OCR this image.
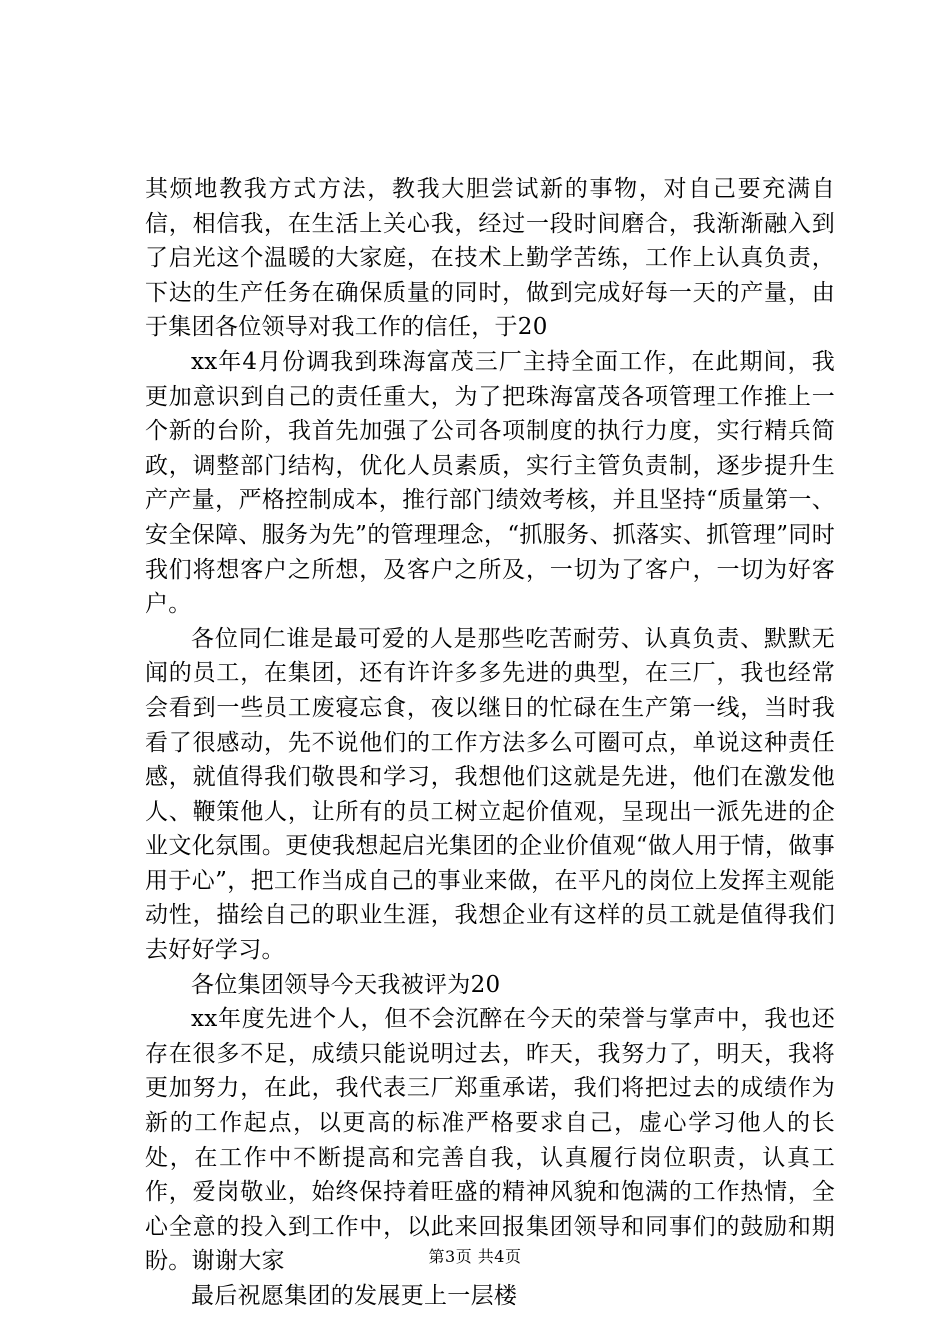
其烦地教我方式方法，教我大胆尝试新的事物，对自己要充满自信，相信我，在生活上关心我，经过一段时间磨合，我渐渐融入到了启光这个温暖的大家庭，在技术上勤学苦练，工作上认真负责，下达的生产任务在确保质量的同时，做到完成好每一天的产量，由于集团各位领导对我工作的信任，于20

xx年4月份调我到珠海富茂三厂主持全面工作，在此期间，我更加意识到自己的责任重大，为了把珠海富茂各项管理工作推上一个新的台阶，我首先加强了公司各项制度的执行力度，实行精兵简政，调整部门结构，优化人员素质，实行主管负责制，逐步提升生产产量，严格控制成本，推行部门绩效考核，并且坚持“质量第一、安全保障、服务为先”的管理理念，“抓服务、抓落实、抓管理”同时我们将想客户之所想，及客户之所及，一切为了客户，一切为好客户。

各位同仁谁是最可爱的人是那些吃苦耐劳、认真负责、默默无闻的员工，在集团，还有许许多多先进的典型，在三厂，我也经常会看到一些员工废寝忘食，夜以继日的忙碌在生产第一线，当时我看了很感动，先不说他们的工作方法多么可圈可点，单说这种责任感，就值得我们敬畏和学习，我想他们这就是先进，他们在激发他人、鞭策他人，让所有的员工树立起价值观，呈现出一派先进的企业文化氛围。更使我想起启光集团的企业价值观“做人用于情，做事用于心”，把工作当成自己的事业来做，在平凡的岗位上发挥主观能动性，描绘自己的职业生涯，我想企业有这样的员工就是值得我们去好好学习。

各位集团领导今天我被评为20

xx年度先进个人，但不会沉醉在今天的荣誉与掌声中，我也还存在很多不足，成绩只能说明过去，昨天，我努力了，明天，我将更加努力，在此，我代表三厂郑重承诺，我们将把过去的成绩作为新的工作起点，以更高的标准严格要求自己，虚心学习他人的长处，在工作中不断提高和完善自我，认真履行岗位职责，认真工作，爱岗敬业，始终保持着旺盛的精神风貌和饱满的工作热情，全心全意的投入到工作中，以此来回报集团领导和同事们的鼓励和期盼。谢谢大家

最后祝愿集团的发展更上一层楼

第3页 共4页
